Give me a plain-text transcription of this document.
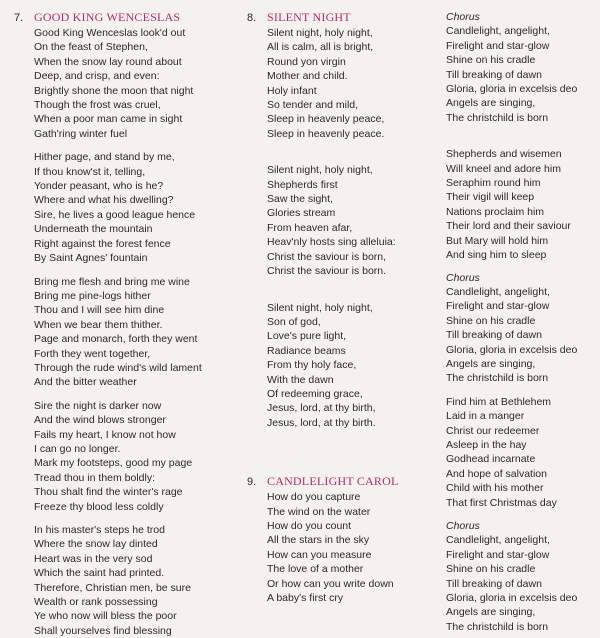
7. GOOD KING WENCESLAS
Good King Wenceslas look'd out
On the feast of Stephen,
When the snow lay round about
Deep, and crisp, and even:
Brightly shone the moon that night
Though the frost was cruel,
When a poor man came in sight
Gath'ring winter fuel
Hither page, and stand by me,
If thou know'st it, telling,
Yonder peasant, who is he?
Where and what his dwelling?
Sire, he lives a good league hence
Underneath the mountain
Right against the forest fence
By Saint Agnes' fountain
Bring me flesh and bring me wine
Bring me pine-logs hither
Thou and I will see him dine
When we bear them thither.
Page and monarch, forth they went
Forth they went together,
Through the rude wind's wild lament
And the bitter weather
Sire the night is darker now
And the wind blows stronger
Fails my heart, I know not how
I can go no longer.
Mark my footsteps, good my page
Tread thou in them boldly:
Thou shalt find the winter's rage
Freeze thy blood less coldly
In his master's steps he trod
Where the snow lay dinted
Heart was in the very sod
Which the saint had printed.
Therefore, Christian men, be sure
Wealth or rank possessing
Ye who now will bless the poor
Shall yourselves find blessing
8. SILENT NIGHT
Silent night, holy night,
All is calm, all is bright,
Round yon virgin
Mother and child.
Holy infant
So tender and mild,
Sleep in heavenly peace,
Sleep in heavenly peace.
Silent night, holy night,
Shepherds first
Saw the sight,
Glories stream
From heaven afar,
Heav'nly hosts sing alleluia:
Christ the saviour is born,
Christ the saviour is born.
Silent night, holy night,
Son of god,
Love's pure light,
Radiance beams
From thy holy face,
With the dawn
Of redeeming grace,
Jesus, lord, at thy birth,
Jesus, lord, at thy birth.
9. CANDLELIGHT CAROL
How do you capture
The wind on the water
How do you count
All the stars in the sky
How can you measure
The love of a mother
Or how can you write down
A baby's first cry
Chorus
Candlelight, angelight,
Firelight and star-glow
Shine on his cradle
Till breaking of dawn
Gloria, gloria in excelsis deo
Angels are singing,
The christchild is born
Shepherds and wisemen
Will kneel and adore him
Seraphim round him
Their vigil will keep
Nations proclaim him
Their lord and their saviour
But Mary will hold him
And sing him to sleep
Chorus
Candlelight, angelight,
Firelight and star-glow
Shine on his cradle
Till breaking of dawn
Gloria, gloria in excelsis deo
Angels are singing,
The christchild is born
Find him at Bethlehem
Laid in a manger
Christ our redeemer
Asleep in the hay
Godhead incarnate
And hope of salvation
Child with his mother
That first Christmas day
Chorus
Candlelight, angelight,
Firelight and star-glow
Shine on his cradle
Till breaking of dawn
Gloria, gloria in excelsis deo
Angels are singing,
The christchild is born
